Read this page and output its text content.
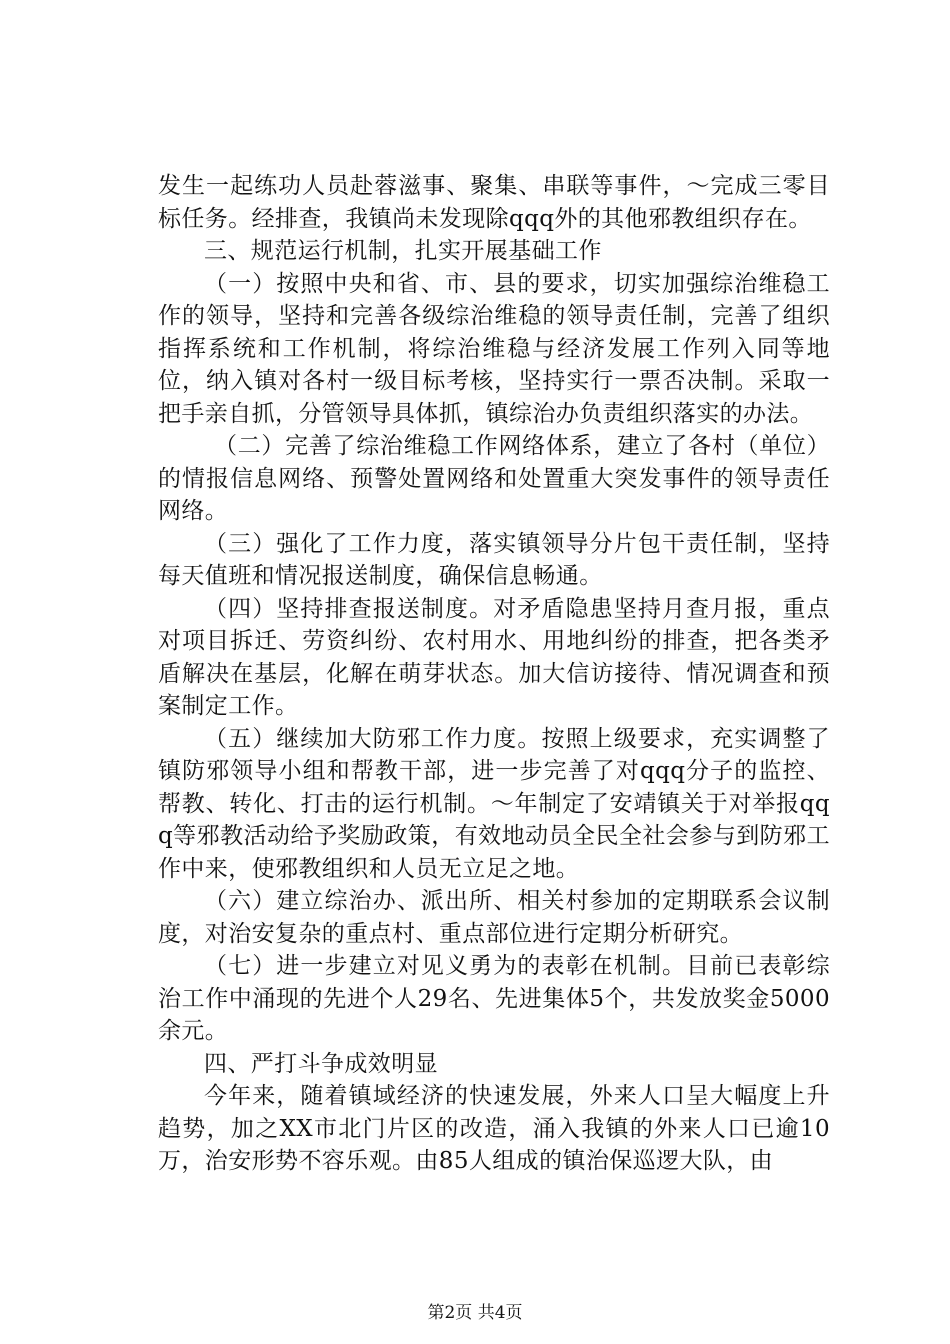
发生一起练功人员赴蓉滋事、聚集、串联等事件，～完成三零目标任务。经排查，我镇尚未发现除qqq外的其他邪教组织存在。

三、规范运行机制，扎实开展基础工作

（一）按照中央和省、市、县的要求，切实加强综治维稳工作的领导，坚持和完善各级综治维稳的领导责任制，完善了组织指挥系统和工作机制，将综治维稳与经济发展工作列入同等地位，纳入镇对各村一级目标考核，坚持实行一票否决制。采取一把手亲自抓，分管领导具体抓，镇综治办负责组织落实的办法。

（二）完善了综治维稳工作网络体系，建立了各村（单位）的情报信息网络、预警处置网络和处置重大突发事件的领导责任网络。

（三）强化了工作力度，落实镇领导分片包干责任制，坚持每天值班和情况报送制度，确保信息畅通。

（四）坚持排查报送制度。对矛盾隐患坚持月查月报，重点对项目拆迁、劳资纠纷、农村用水、用地纠纷的排查，把各类矛盾解决在基层，化解在萌芽状态。加大信访接待、情况调查和预案制定工作。

（五）继续加大防邪工作力度。按照上级要求，充实调整了镇防邪领导小组和帮教干部，进一步完善了对qqq分子的监控、帮教、转化、打击的运行机制。～年制定了安靖镇关于对举报qqq等邪教活动给予奖励政策，有效地动员全民全社会参与到防邪工作中来，使邪教组织和人员无立足之地。

（六）建立综治办、派出所、相关村参加的定期联系会议制度，对治安复杂的重点村、重点部位进行定期分析研究。

（七）进一步建立对见义勇为的表彰在机制。目前已表彰综治工作中涌现的先进个人29名、先进集体5个，共发放奖金5000余元。

四、严打斗争成效明显

今年来，随着镇域经济的快速发展，外来人口呈大幅度上升趋势，加之XX市北门片区的改造，涌入我镇的外来人口已逾10万，治安形势不容乐观。由85人组成的镇治保巡逻大队，由

第2页 共4页
